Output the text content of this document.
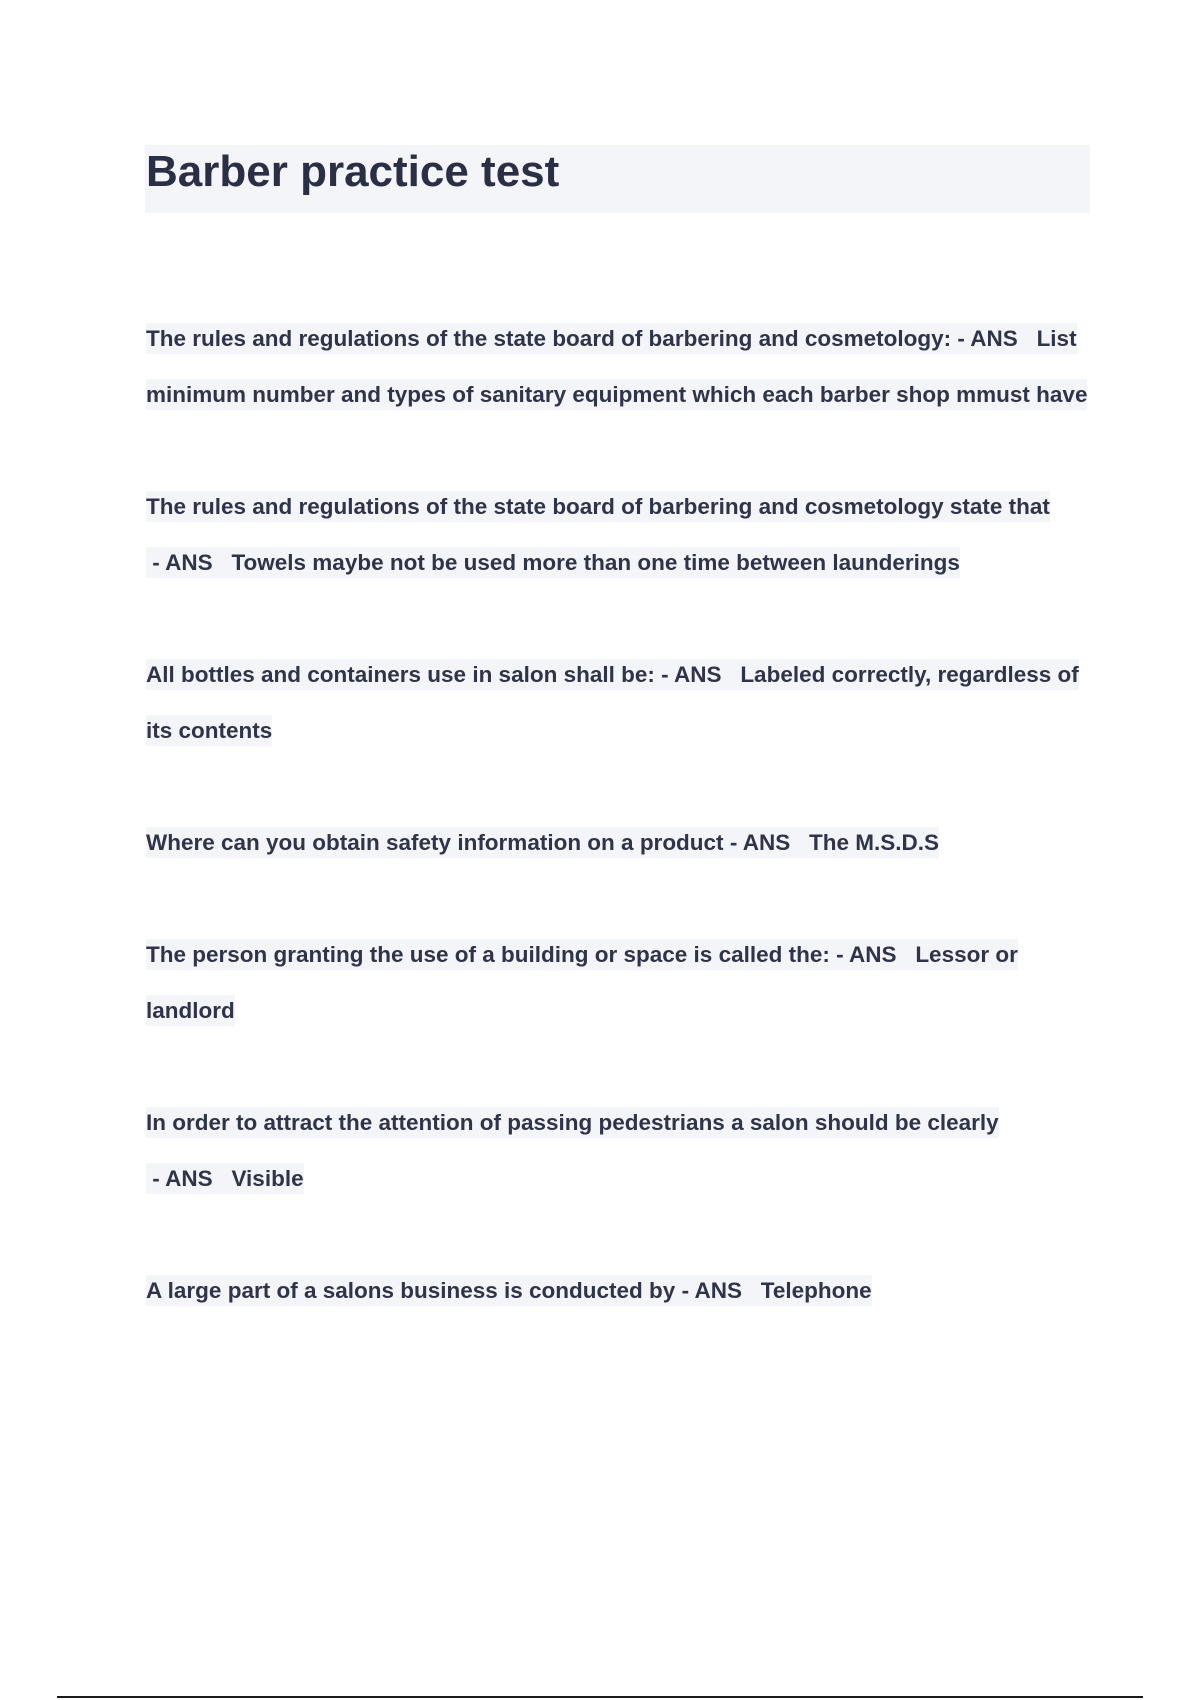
Barber practice test
The rules and regulations of the state board of barbering and cosmetology: - ANS List minimum number and types of sanitary equipment which each barber shop mmust have
The rules and regulations of the state board of barbering and cosmetology state that - ANS Towels maybe not be used more than one time between launderings
All bottles and containers use in salon shall be: - ANS Labeled correctly, regardless of its contents
Where can you obtain safety information on a product - ANS The M.S.D.S
The person granting the use of a building or space is called the: - ANS Lessor or landlord
In order to attract the attention of passing pedestrians a salon should be clearly - ANS Visible
A large part of a salons business is conducted by - ANS Telephone
